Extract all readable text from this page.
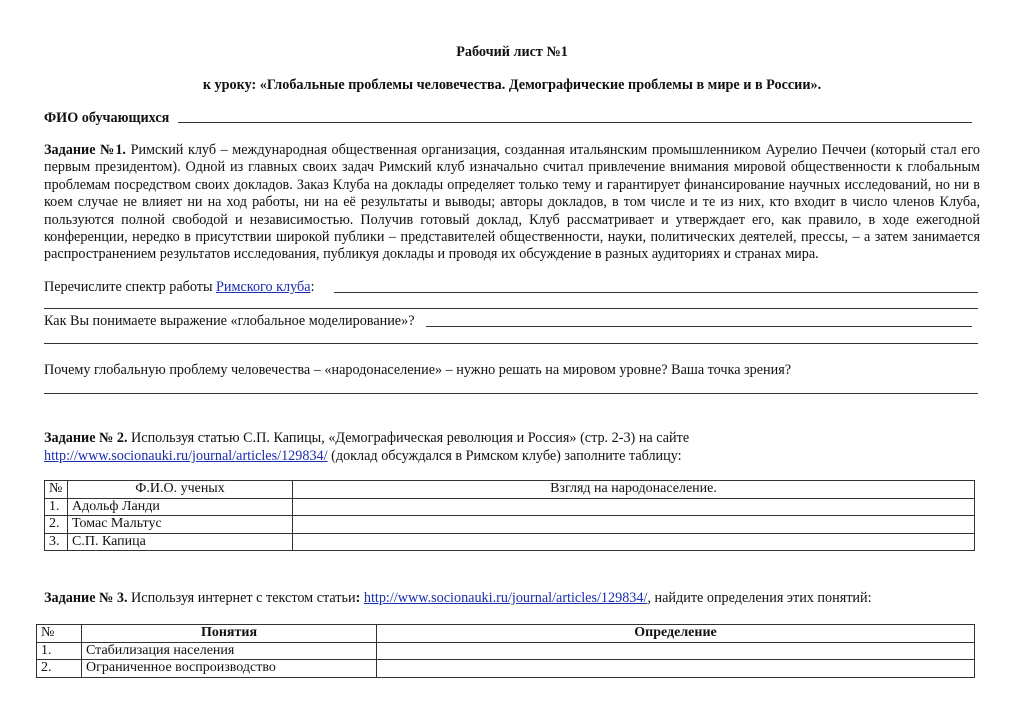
Рабочий лист №1
к уроку: «Глобальные проблемы человечества. Демографические проблемы в мире и в России».
ФИО обучающихся
Задание №1. Римский клуб – международная общественная организация, созданная итальянским промышленником Аурелио Печчеи (который стал его первым президентом). Одной из главных своих задач Римский клуб изначально считал привлечение внимания мировой общественности к глобальным проблемам посредством своих докладов. Заказ Клуба на доклады определяет только тему и гарантирует финансирование научных исследований, но ни в коем случае не влияет ни на ход работы, ни на её результаты и выводы; авторы докладов, в том числе и те из них, кто входит в число членов Клуба, пользуются полной свободой и независимостью. Получив готовый доклад, Клуб рассматривает и утверждает его, как правило, в ходе ежегодной конференции, нередко в присутствии широкой публики – представителей общественности, науки, политических деятелей, прессы, – а затем занимается распространением результатов исследования, публикуя доклады и проводя их обсуждение в разных аудиториях и странах мира.
Перечислите спектр работы Римского клуба:
Как Вы понимаете выражение «глобальное моделирование»?
Почему глобальную проблему человечества – «народонаселение» – нужно решать на мировом уровне? Ваша точка зрения?
Задание № 2. Используя статью С.П. Капицы, «Демографическая революция и Россия» (стр. 2-3) на сайте
http://www.socionauki.ru/journal/articles/129834/ (доклад обсуждался в Римском клубе) заполните таблицу:
№	Ф.И.О. ученых	Взгляд на народонаселение.
1.	Адольф Ланди	
2.	Томас Мальтус	
3.	С.П. Капица	
Задание № 3. Используя интернет с текстом статьи: http://www.socionauki.ru/journal/articles/129834/, найдите определения этих понятий:
№	Понятия	Определение
1.	Стабилизация населения	
2.	Ограниченное воспроизводство	
